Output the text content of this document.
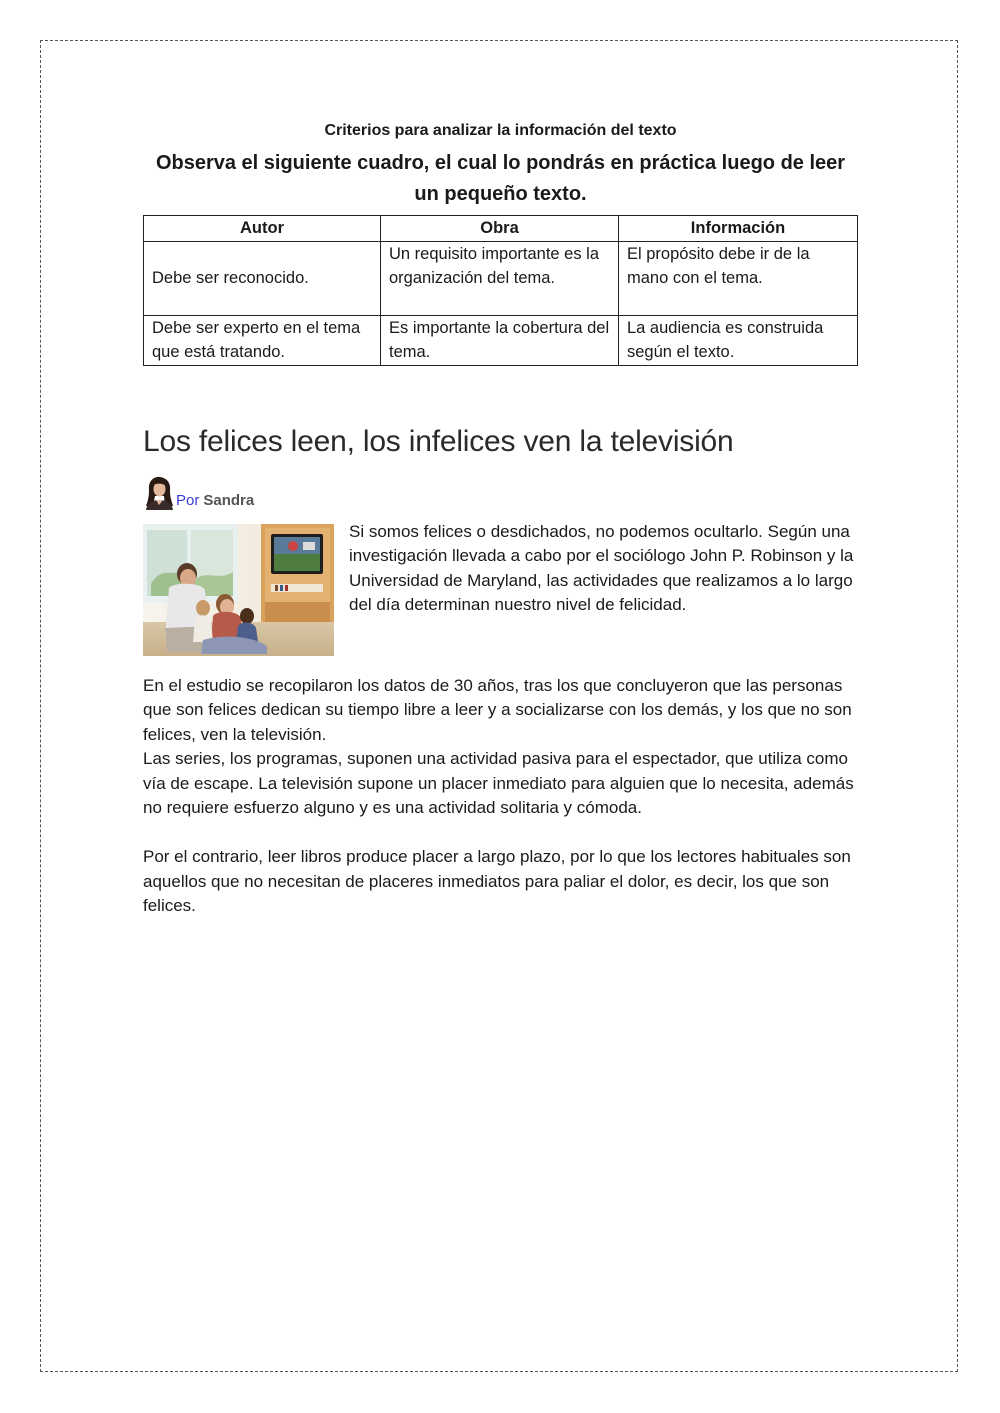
Criterios para analizar la información del texto

Observa el siguiente cuadro, el cual lo pondrás en práctica luego de leer un pequeño texto.

Autor	Obra	Información
Debe ser reconocido.	Un requisito importante es la organización del tema.	El propósito debe ir de la mano con el tema.
Debe ser experto en el tema que está tratando.	Es importante la cobertura del tema.	La audiencia es construida según el texto.
Los felices leen, los infelices ven la televisión
Por Sandra

Si somos felices o desdichados, no podemos ocultarlo. Según una investigación llevada a cabo por el sociólogo John P. Robinson y la Universidad de Maryland, las actividades que realizamos a lo largo del día determinan nuestro nivel de felicidad.

En el estudio se recopilaron los datos de 30 años, tras los que concluyeron que las personas que son felices dedican su tiempo libre a leer y a socializarse con los demás, y los que no son felices, ven la televisión.

Las series, los programas, suponen una actividad pasiva para el espectador, que utiliza como vía de escape. La televisión supone un placer inmediato para alguien que lo necesita, además no requiere esfuerzo alguno y es una actividad solitaria y cómoda.

Por el contrario, leer libros produce placer a largo plazo, por lo que los lectores habituales son aquellos que no necesitan de placeres inmediatos para paliar el dolor, es decir, los que son felices.
